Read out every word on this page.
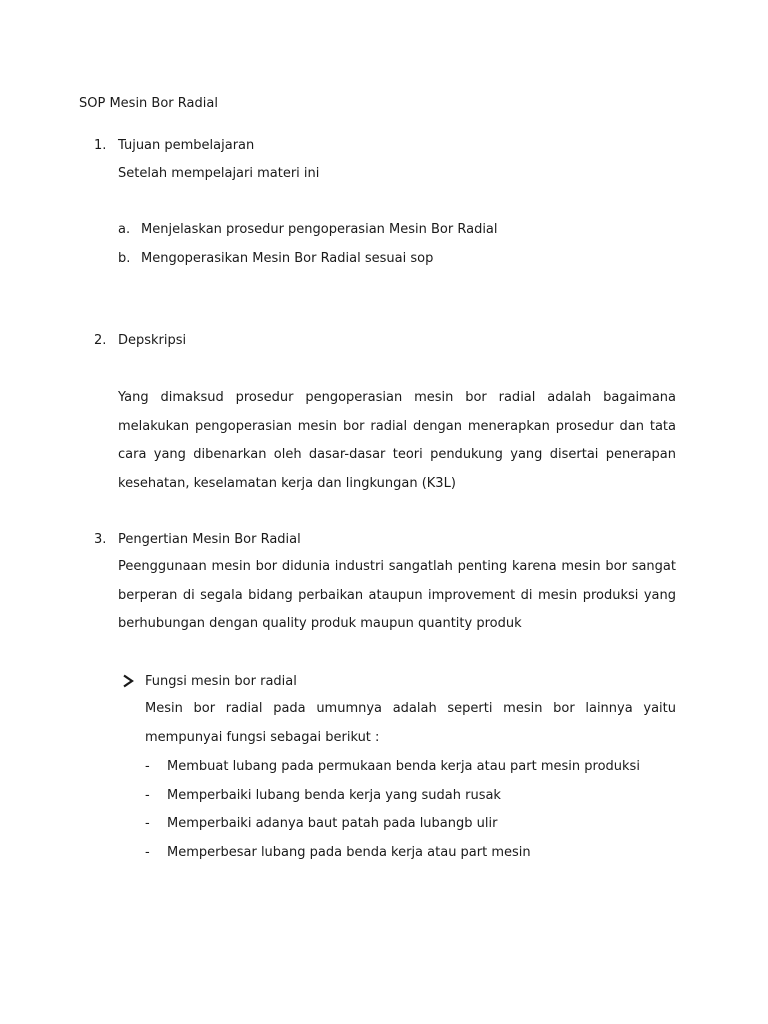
SOP Mesin Bor Radial
1. Tujuan pembelajaran
Setelah mempelajari materi ini
a. Menjelaskan prosedur pengoperasian Mesin Bor Radial
b. Mengoperasikan Mesin Bor Radial sesuai sop
2. Depskripsi
Yang dimaksud prosedur pengoperasian mesin bor radial adalah bagaimana melakukan pengoperasian mesin bor radial dengan menerapkan prosedur dan tata cara yang dibenarkan oleh dasar-dasar teori pendukung yang disertai penerapan kesehatan, keselamatan kerja dan lingkungan (K3L)
3. Pengertian Mesin Bor Radial
Peenggunaan mesin bor didunia industri sangatlah penting karena mesin bor sangat berperan di segala bidang perbaikan ataupun improvement di mesin produksi yang berhubungan dengan quality produk maupun quantity produk
Fungsi mesin bor radial
Mesin bor radial pada umumnya adalah seperti mesin bor lainnya yaitu mempunyai fungsi sebagai berikut :
- Membuat lubang pada permukaan benda kerja atau part mesin produksi
- Memperbaiki lubang benda kerja yang sudah rusak
- Memperbaiki adanya baut patah pada lubangb ulir
- Memperbesar lubang pada benda kerja atau part mesin
